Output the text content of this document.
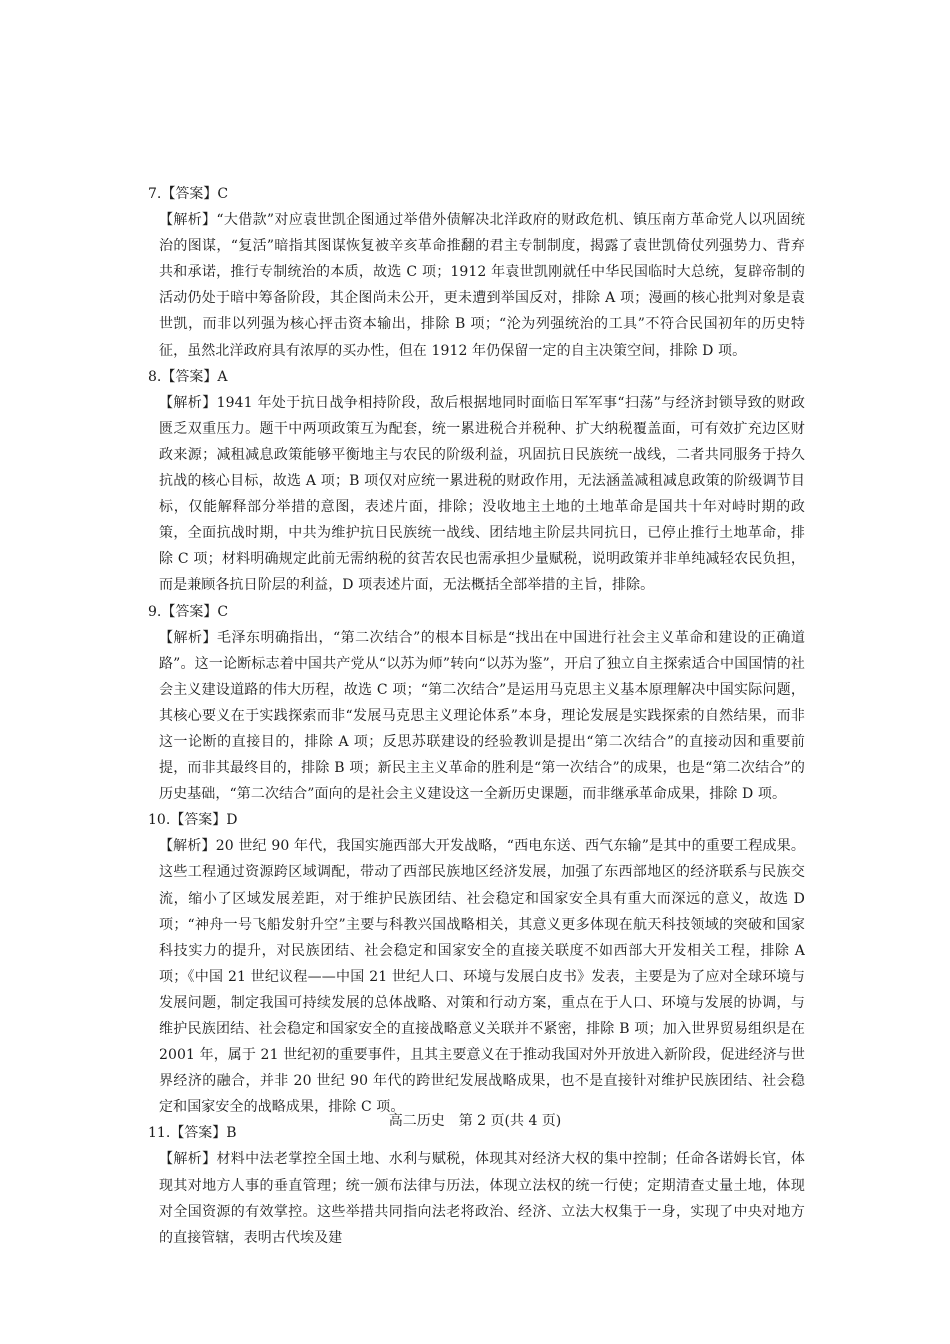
7.【答案】C
【解析】“大借款”对应袁世凯企图通过举借外债解决北洋政府的财政危机、镇压南方革命党人以巩固统治的图谋，“复活”暗指其图谋恢复被辛亥革命推翻的君主专制制度，揭露了袁世凯倚仗列强势力、背弃共和承诺，推行专制统治的本质，故选 C 项；1912 年袁世凯刚就任中华民国临时大总统，复辟帝制的活动仍处于暗中筹备阶段，其企图尚未公开，更未遭到举国反对，排除 A 项；漫画的核心批判对象是袁世凯，而非以列强为核心抨击资本输出，排除 B 项；“沦为列强统治的工具”不符合民国初年的历史特征，虽然北洋政府具有浓厚的买办性，但在 1912 年仍保留一定的自主决策空间，排除 D 项。
8.【答案】A
【解析】1941 年处于抗日战争相持阶段，敌后根据地同时面临日军军事“扫荡”与经济封锁导致的财政匮乏双重压力。题干中两项政策互为配套，统一累进税合并税种、扩大纳税覆盖面，可有效扩充边区财政来源；减租减息政策能够平衡地主与农民的阶级利益，巩固抗日民族统一战线，二者共同服务于持久抗战的核心目标，故选 A 项；B 项仅对应统一累进税的财政作用，无法涵盖减租减息政策的阶级调节目标，仅能解释部分举措的意图，表述片面，排除；没收地主土地的土地革命是国共十年对峙时期的政策，全面抗战时期，中共为维护抗日民族统一战线、团结地主阶层共同抗日，已停止推行土地革命，排除 C 项；材料明确规定此前无需纳税的贫苦农民也需承担少量赋税，说明政策并非单纯减轻农民负担，而是兼顾各抗日阶层的利益，D 项表述片面，无法概括全部举措的主旨，排除。
9.【答案】C
【解析】毛泽东明确指出，“第二次结合”的根本目标是“找出在中国进行社会主义革命和建设的正确道路”。这一论断标志着中国共产党从“以苏为师”转向“以苏为鉴”，开启了独立自主探索适合中国国情的社会主义建设道路的伟大历程，故选 C 项；“第二次结合”是运用马克思主义基本原理解决中国实际问题，其核心要义在于实践探索而非“发展马克思主义理论体系”本身，理论发展是实践探索的自然结果，而非这一论断的直接目的，排除 A 项；反思苏联建设的经验教训是提出“第二次结合”的直接动因和重要前提，而非其最终目的，排除 B 项；新民主主义革命的胜利是“第一次结合”的成果，也是“第二次结合”的历史基础，“第二次结合”面向的是社会主义建设这一全新历史课题，而非继承革命成果，排除 D 项。
10.【答案】D
【解析】20 世纪 90 年代，我国实施西部大开发战略，“西电东送、西气东输”是其中的重要工程成果。这些工程通过资源跨区域调配，带动了西部民族地区经济发展，加强了东西部地区的经济联系与民族交流，缩小了区域发展差距，对于维护民族团结、社会稳定和国家安全具有重大而深远的意义，故选 D 项；“神舟一号飞船发射升空”主要与科教兴国战略相关，其意义更多体现在航天科技领域的突破和国家科技实力的提升，对民族团结、社会稳定和国家安全的直接关联度不如西部大开发相关工程，排除 A 项；《中国 21 世纪议程——中国 21 世纪人口、环境与发展白皮书》发表，主要是为了应对全球环境与发展问题，制定我国可持续发展的总体战略、对策和行动方案，重点在于人口、环境与发展的协调，与维护民族团结、社会稳定和国家安全的直接战略意义关联并不紧密，排除 B 项；加入世界贸易组织是在 2001 年，属于 21 世纪初的重要事件，且其主要意义在于推动我国对外开放进入新阶段，促进经济与世界经济的融合，并非 20 世纪 90 年代的跨世纪发展战略成果，也不是直接针对维护民族团结、社会稳定和国家安全的战略成果，排除 C 项。
11.【答案】B
【解析】材料中法老掌控全国土地、水利与赋税，体现其对经济大权的集中控制；任命各诺姆长官，体现其对地方人事的垂直管理；统一颁布法律与历法，体现立法权的统一行使；定期清查丈量土地，体现对全国资源的有效掌控。这些举措共同指向法老将政治、经济、立法大权集于一身，实现了中央对地方的直接管辖，表明古代埃及建
高二历史　第 2 页(共 4 页)
